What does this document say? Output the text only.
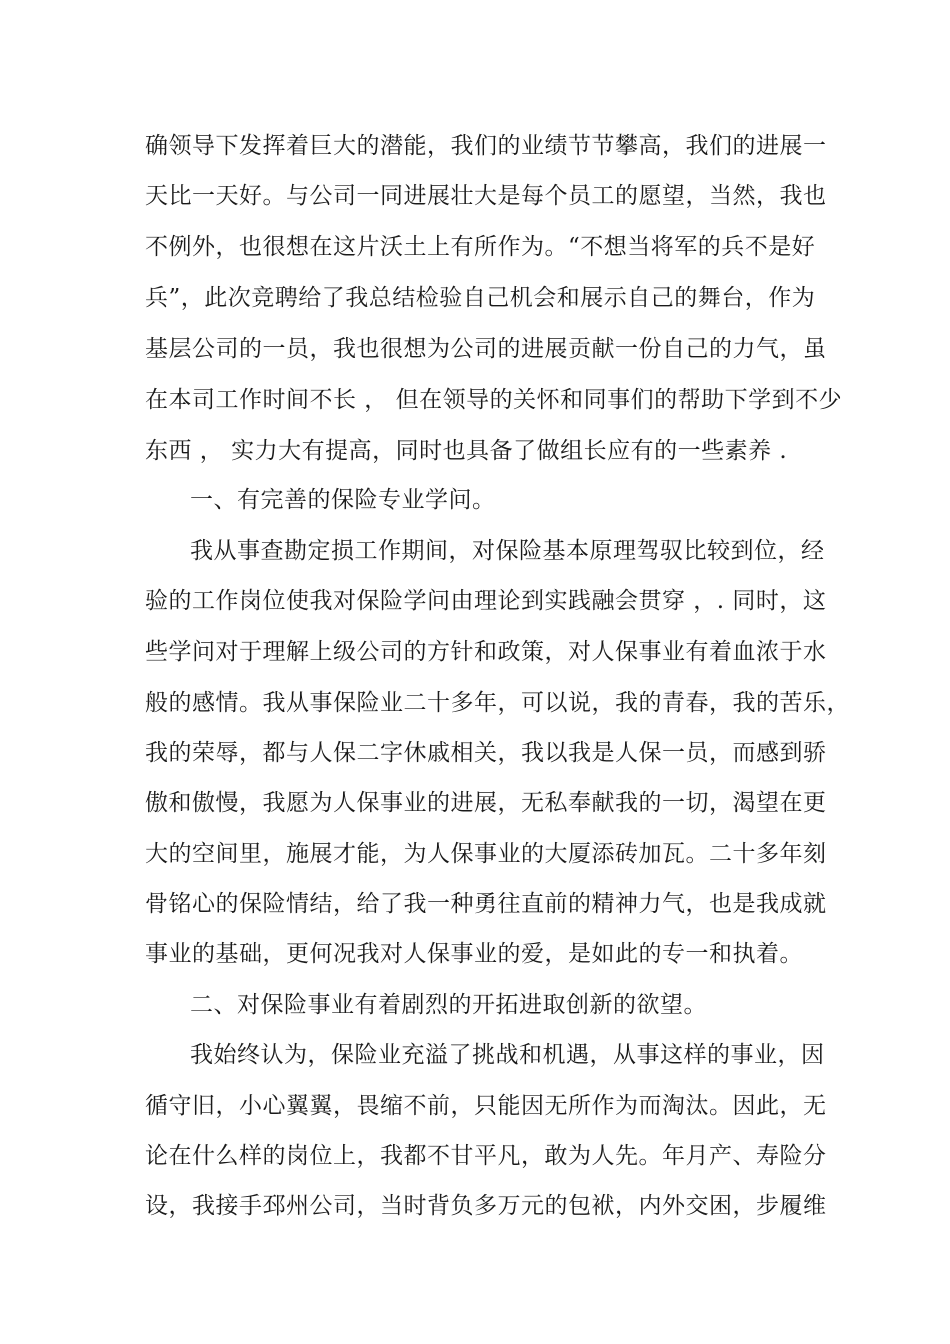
确领导下发挥着巨大的潜能，我们的业绩节节攀高，我们的进展一
天比一天好。与公司一同进展壮大是每个员工的愿望，当然，我也
不例外，也很想在这片沃土上有所作为。“不想当将军的兵不是好
兵”，此次竞聘给了我总结检验自己机会和展示自己的舞台，作为
基层公司的一员，我也很想为公司的进展贡献一份自己的力气，虽
在本司工作时间不长 ， 但在领导的关怀和同事们的帮助下学到不少
东西 ， 实力大有提高，同时也具备了做组长应有的一些素养 .
一、有完善的保险专业学问。
我从事查勘定损工作期间，对保险基本原理驾驭比较到位，经
验的工作岗位使我对保险学问由理论到实践融会贯穿 ，. 同时，这
些学问对于理解上级公司的方针和政策，对人保事业有着血浓于水
般的感情。我从事保险业二十多年，可以说，我的青春，我的苦乐，
我的荣辱，都与人保二字休戚相关，我以我是人保一员，而感到骄
傲和傲慢，我愿为人保事业的进展，无私奉献我的一切，渴望在更
大的空间里，施展才能，为人保事业的大厦添砖加瓦。二十多年刻
骨铭心的保险情结，给了我一种勇往直前的精神力气，也是我成就
事业的基础，更何况我对人保事业的爱，是如此的专一和执着。
二、对保险事业有着剧烈的开拓进取创新的欲望。
我始终认为，保险业充溢了挑战和机遇，从事这样的事业，因
循守旧，小心翼翼，畏缩不前，只能因无所作为而淘汰。因此，无
论在什么样的岗位上，我都不甘平凡，敢为人先。年月产、寿险分
设，我接手邳州公司，当时背负多万元的包袱，内外交困，步履维
